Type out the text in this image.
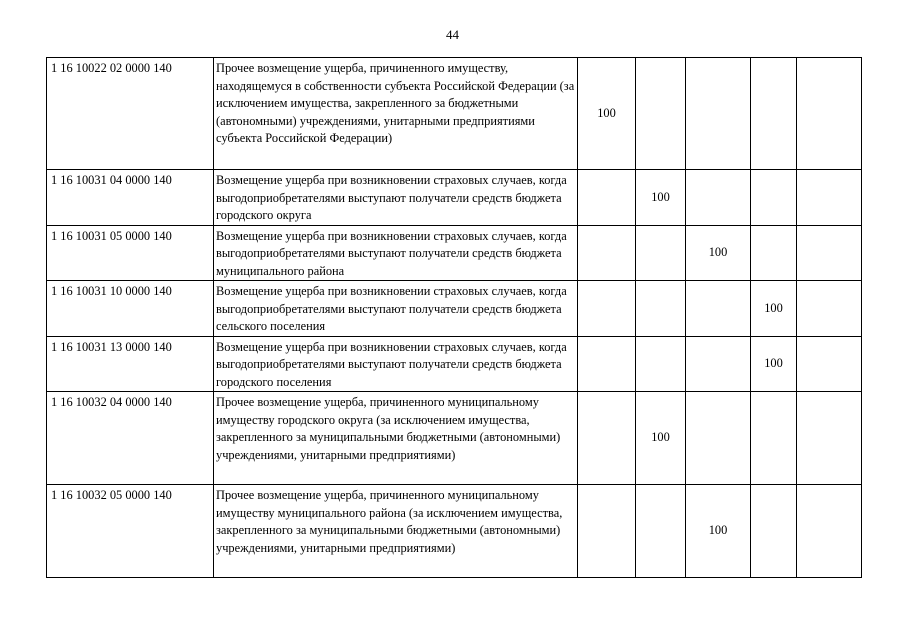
44
1 16 10022 02 0000 140	Прочее возмещение ущерба, причиненного имуществу, находящемуся в собственности субъекта Российской Федерации (за исключением имущества, закрепленного за бюджетными (автономными) учреждениями, унитарными предприятиями субъекта Российской Федерации)	100				
1 16 10031 04 0000 140	Возмещение ущерба при возникновении страховых случаев, когда выгодоприобретателями выступают получатели средств бюджета городского округа		100			
1 16 10031 05 0000 140	Возмещение ущерба при возникновении страховых случаев, когда выгодоприобретателями выступают получатели средств бюджета муниципального района			100		
1 16 10031 10 0000 140	Возмещение ущерба при возникновении страховых случаев, когда выгодоприобретателями выступают получатели средств бюджета сельского поселения				100	
1 16 10031 13 0000 140	Возмещение ущерба при возникновении страховых случаев, когда выгодоприобретателями выступают получатели средств бюджета городского поселения				100	
1 16 10032 04 0000 140	Прочее возмещение ущерба, причиненного муниципальному имуществу городского округа (за исключением имущества, закрепленного за муниципальными бюджетными (автономными) учреждениями, унитарными предприятиями)		100			
1 16 10032 05 0000 140	Прочее возмещение ущерба, причиненного муниципальному имуществу муниципального района (за исключением имущества, закрепленного за муниципальными бюджетными (автономными) учреждениями, унитарными предприятиями)			100		
